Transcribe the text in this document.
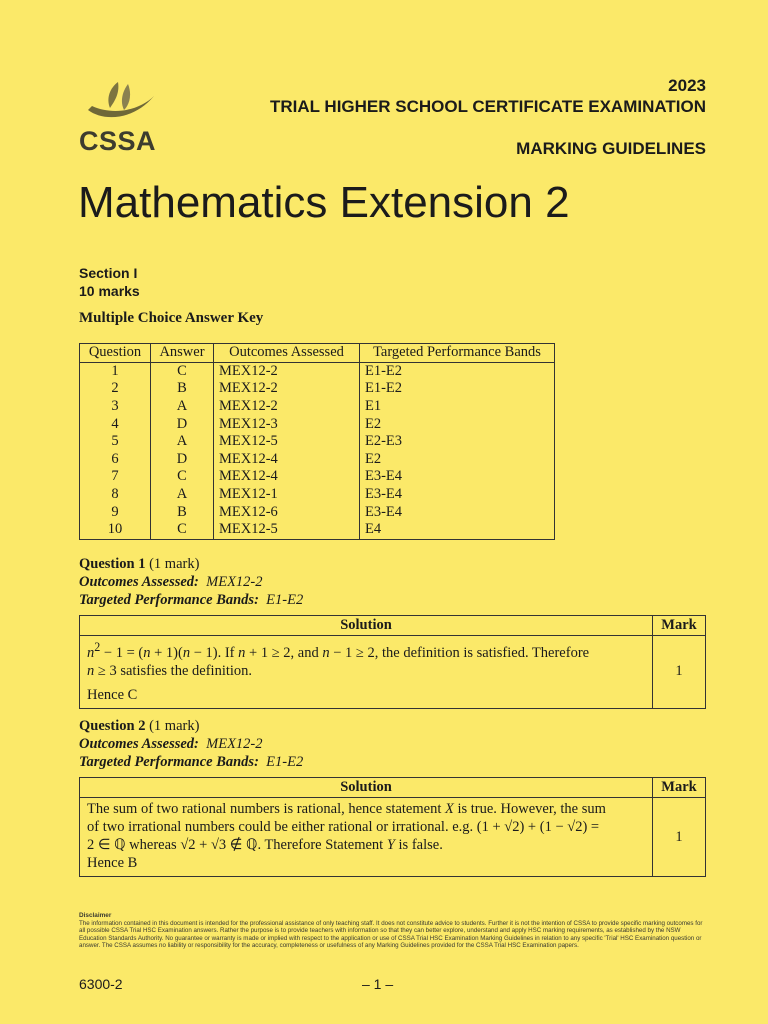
CSSA
2023
TRIAL HIGHER SCHOOL CERTIFICATE EXAMINATION
MARKING GUIDELINES
Mathematics Extension 2
Section I
10 marks
Multiple Choice Answer Key
Question	Answer	Outcomes Assessed	Targeted Performance Bands
1	C	MEX12-2	E1-E2
2	B	MEX12-2	E1-E2
3	A	MEX12-2	E1
4	D	MEX12-3	E2
5	A	MEX12-5	E2-E3
6	D	MEX12-4	E2
7	C	MEX12-4	E3-E4
8	A	MEX12-1	E3-E4
9	B	MEX12-6	E3-E4
10	C	MEX12-5	E4
Question 1 (1 mark)
Outcomes Assessed: MEX12-2
Targeted Performance Bands: E1-E2
Solution	Mark
$n^2 - 1 = (n + 1)(n - 1)$. If n + 1 ≥ 2, and n − 1 ≥ 2, the definition is satisfied. Therefore
n ≥ 3 satisfies the definition.
Hence C
1
Question 2 (1 mark)
Outcomes Assessed: MEX12-2
Targeted Performance Bands: E1-E2
Solution	Mark
The sum of two rational numbers is rational, hence statement X is true. However, the sum
of two irrational numbers could be either rational or irrational. e.g. (1 + √2) + (1 − √2) =
2 ∈ ℚ whereas √2 + √3 ∉ ℚ. Therefore Statement Y is false.
Hence B
1
Disclaimer
The information contained in this document is intended for the professional assistance of only teaching staff. It does not constitute advice to students. Further it is not the intention of CSSA to provide specific marking outcomes for all possible CSSA Trial HSC Examination answers. Rather the purpose is to provide teachers with information so that they can better explore, understand and apply HSC marking requirements, as established by the NSW Education Standards Authority. No guarantee or warranty is made or implied with respect to the application or use of CSSA Trial HSC Examination Marking Guidelines in relation to any specific 'Trial' HSC Examination question or answer. The CSSA assumes no liability or responsibility for the accuracy, completeness or usefulness of any Marking Guidelines provided for the CSSA Trial HSC Examination papers.
6300-2	– 1 –
